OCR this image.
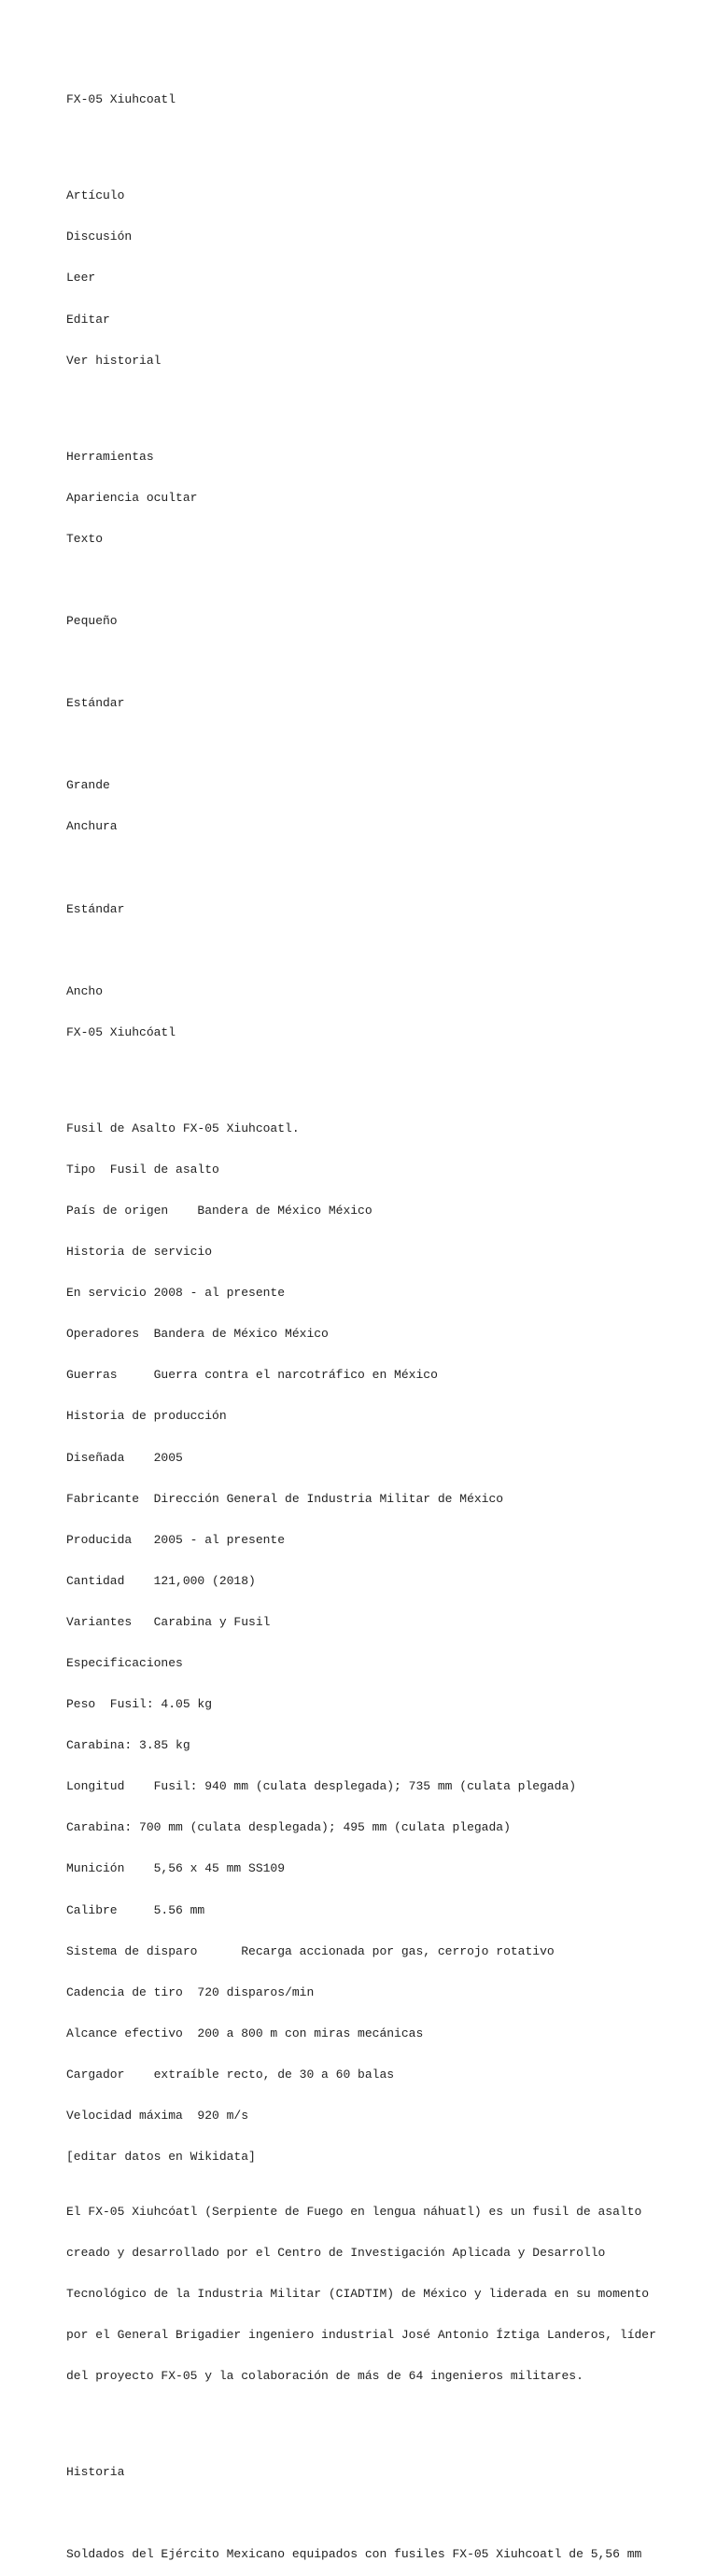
FX-05 Xiuhcoatl

Artículo

Discusión

Leer

Editar

Ver historial

Herramientas

Apariencia ocultar

Texto

Pequeño

Estándar

Grande

Anchura

Estándar

Ancho

FX-05 Xiuhcóatl

Fusil de Asalto FX-05 Xiuhcoatl.

Tipo  Fusil de asalto

País de origen    Bandera de México México

Historia de servicio

En servicio 2008 - al presente

Operadores  Bandera de México México

Guerras     Guerra contra el narcotráfico en México

Historia de producción

Diseñada    2005

Fabricante  Dirección General de Industria Militar de México

Producida   2005 - al presente

Cantidad    121,000 (2018)

Variantes   Carabina y Fusil

Especificaciones

Peso  Fusil: 4.05 kg

Carabina: 3.85 kg

Longitud    Fusil: 940 mm (culata desplegada); 735 mm (culata plegada)

Carabina: 700 mm (culata desplegada); 495 mm (culata plegada)

Munición    5,56 x 45 mm SS109

Calibre     5.56 mm

Sistema de disparo      Recarga accionada por gas, cerrojo rotativo

Cadencia de tiro  720 disparos/min

Alcance efectivo  200 a 800 m con miras mecánicas

Cargador    extraíble recto, de 30 a 60 balas

Velocidad máxima  920 m/s

[editar datos en Wikidata]

El FX-05 Xiuhcóatl (Serpiente de Fuego en lengua náhuatl) es un fusil de asalto

creado y desarrollado por el Centro de Investigación Aplicada y Desarrollo

Tecnológico de la Industria Militar (CIADTIM) de México y liderada en su momento

por el General Brigadier ingeniero industrial José Antonio Íztiga Landeros, líder

del proyecto FX-05 y la colaboración de más de 64 ingenieros militares.

Historia

Soldados del Ejército Mexicano equipados con fusiles FX-05 Xiuhcoatl de 5,56 mm
